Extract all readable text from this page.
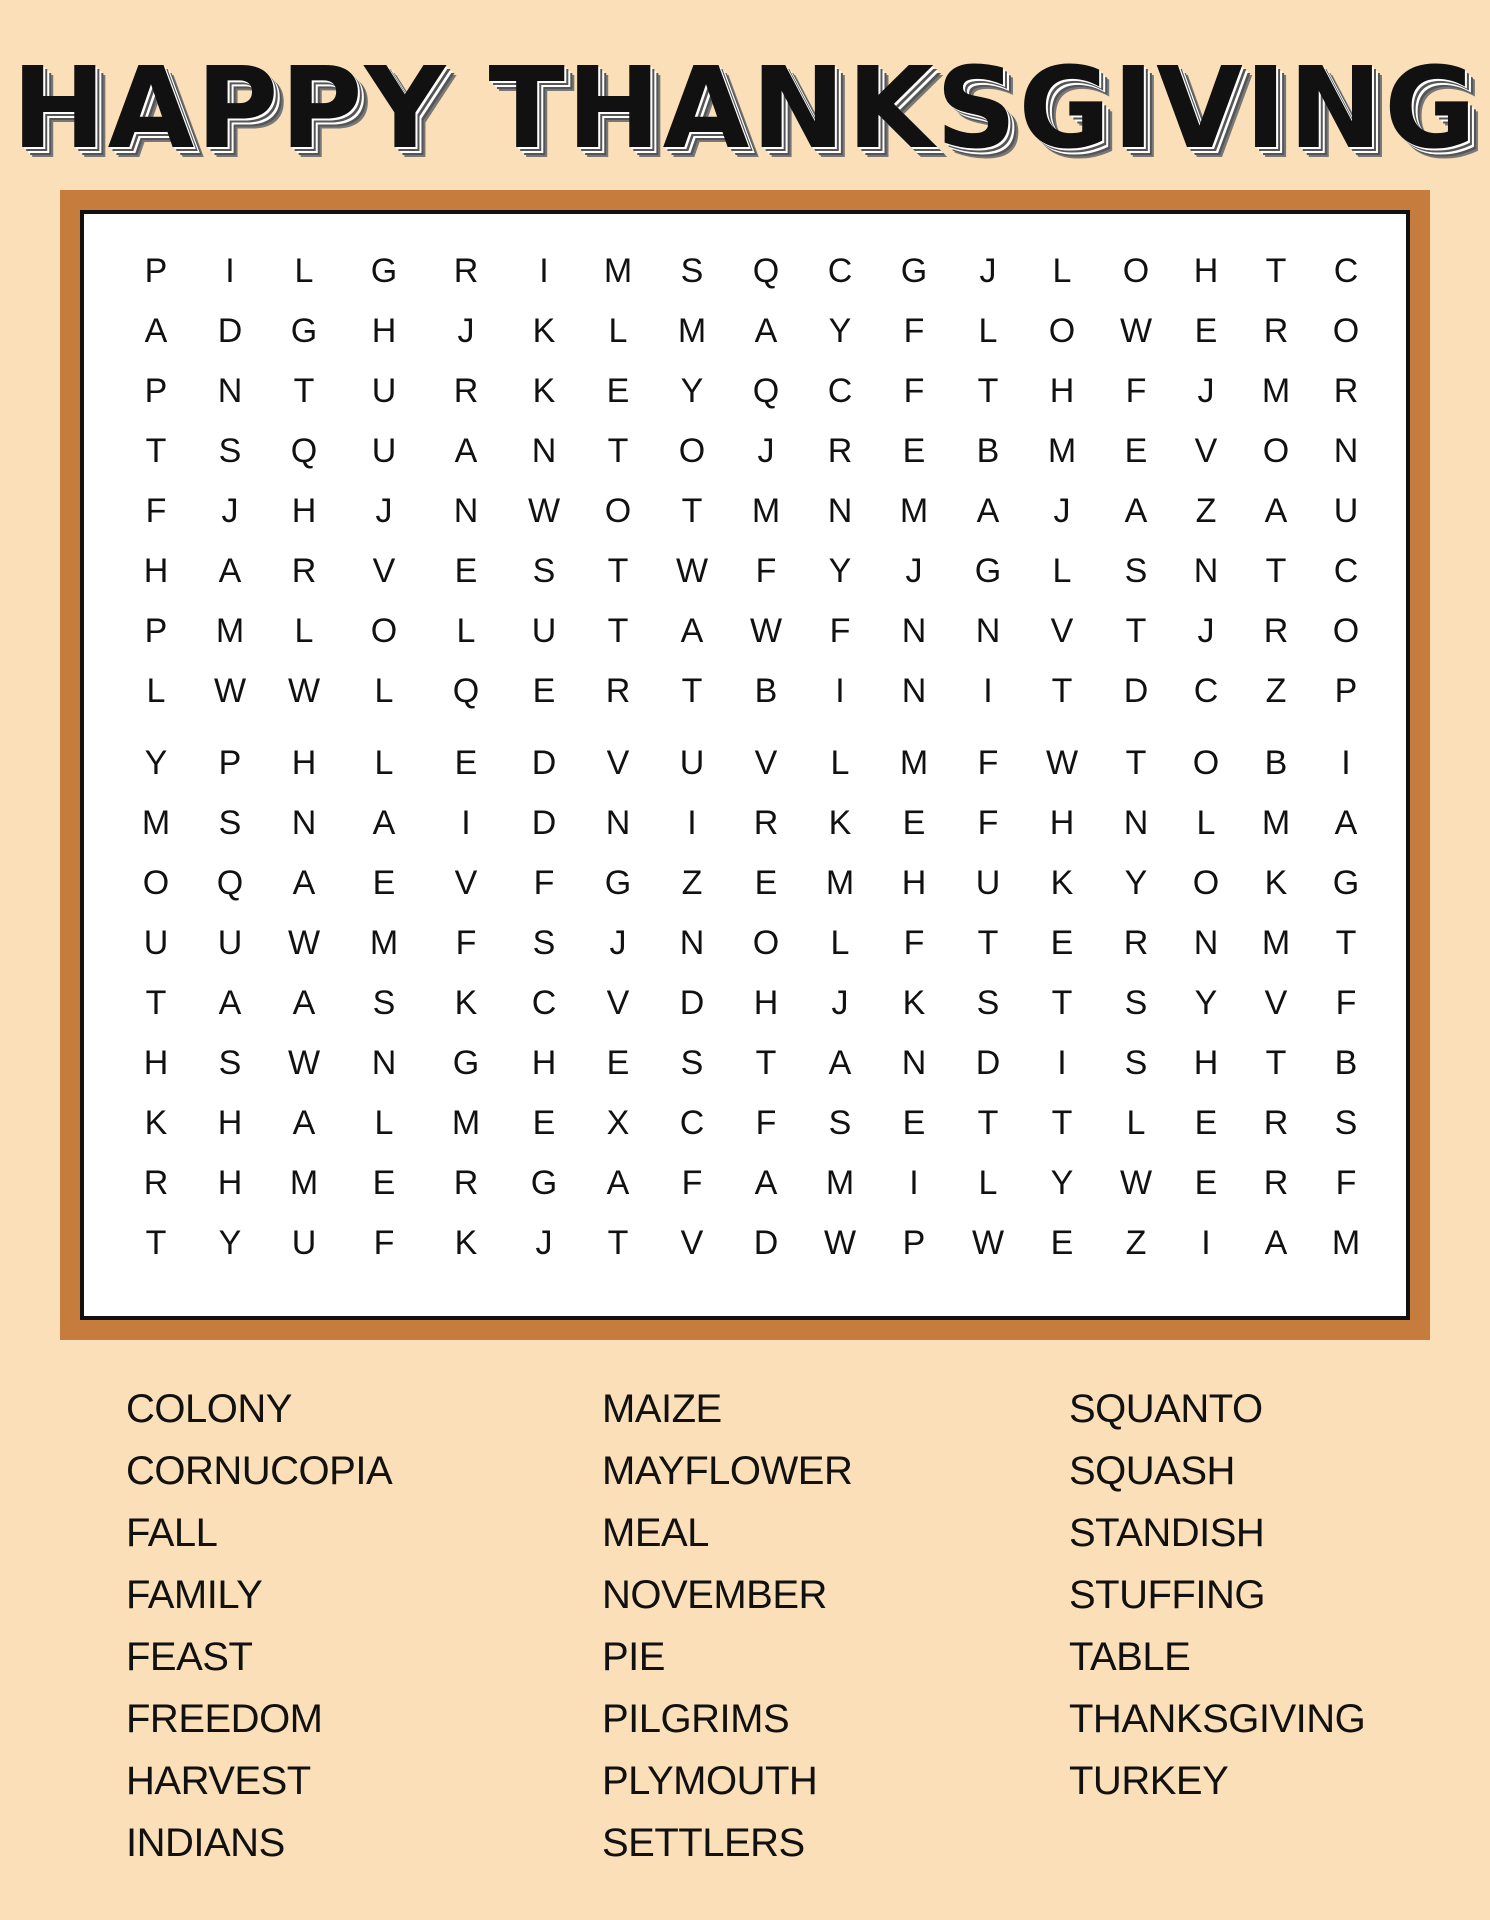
HAPPY THANKSGIVING
P	I	L	G	R	I	M	S	Q	C	G	J	L	O	H	T	C
A	D	G	H	J	K	L	M	A	Y	F	L	O	W	E	R	O
P	N	T	U	R	K	E	Y	Q	C	F	T	H	F	J	M	R
T	S	Q	U	A	N	T	O	J	R	E	B	M	E	V	O	N
F	J	H	J	N	W	O	T	M	N	M	A	J	A	Z	A	U
H	A	R	V	E	S	T	W	F	Y	J	G	L	S	N	T	C
P	M	L	O	L	U	T	A	W	F	N	N	V	T	J	R	O
L	W	W	L	Q	E	R	T	B	I	N	I	T	D	C	Z	P
Y	P	H	L	E	D	V	U	V	L	M	F	W	T	O	B	I
M	S	N	A	I	D	N	I	R	K	E	F	H	N	L	M	A
O	Q	A	E	V	F	G	Z	E	M	H	U	K	Y	O	K	G
U	U	W	M	F	S	J	N	O	L	F	T	E	R	N	M	T
T	A	A	S	K	C	V	D	H	J	K	S	T	S	Y	V	F
H	S	W	N	G	H	E	S	T	A	N	D	I	S	H	T	B
K	H	A	L	M	E	X	C	F	S	E	T	T	L	E	R	S
R	H	M	E	R	G	A	F	A	M	I	L	Y	W	E	R	F
T	Y	U	F	K	J	T	V	D	W	P	W	E	Z	I	A	M
COLONY
CORNUCOPIA
FALL
FAMILY
FEAST
FREEDOM
HARVEST
INDIANS
MAIZE
MAYFLOWER
MEAL
NOVEMBER
PIE
PILGRIMS
PLYMOUTH
SETTLERS
SQUANTO
SQUASH
STANDISH
STUFFING
TABLE
THANKSGIVING
TURKEY
